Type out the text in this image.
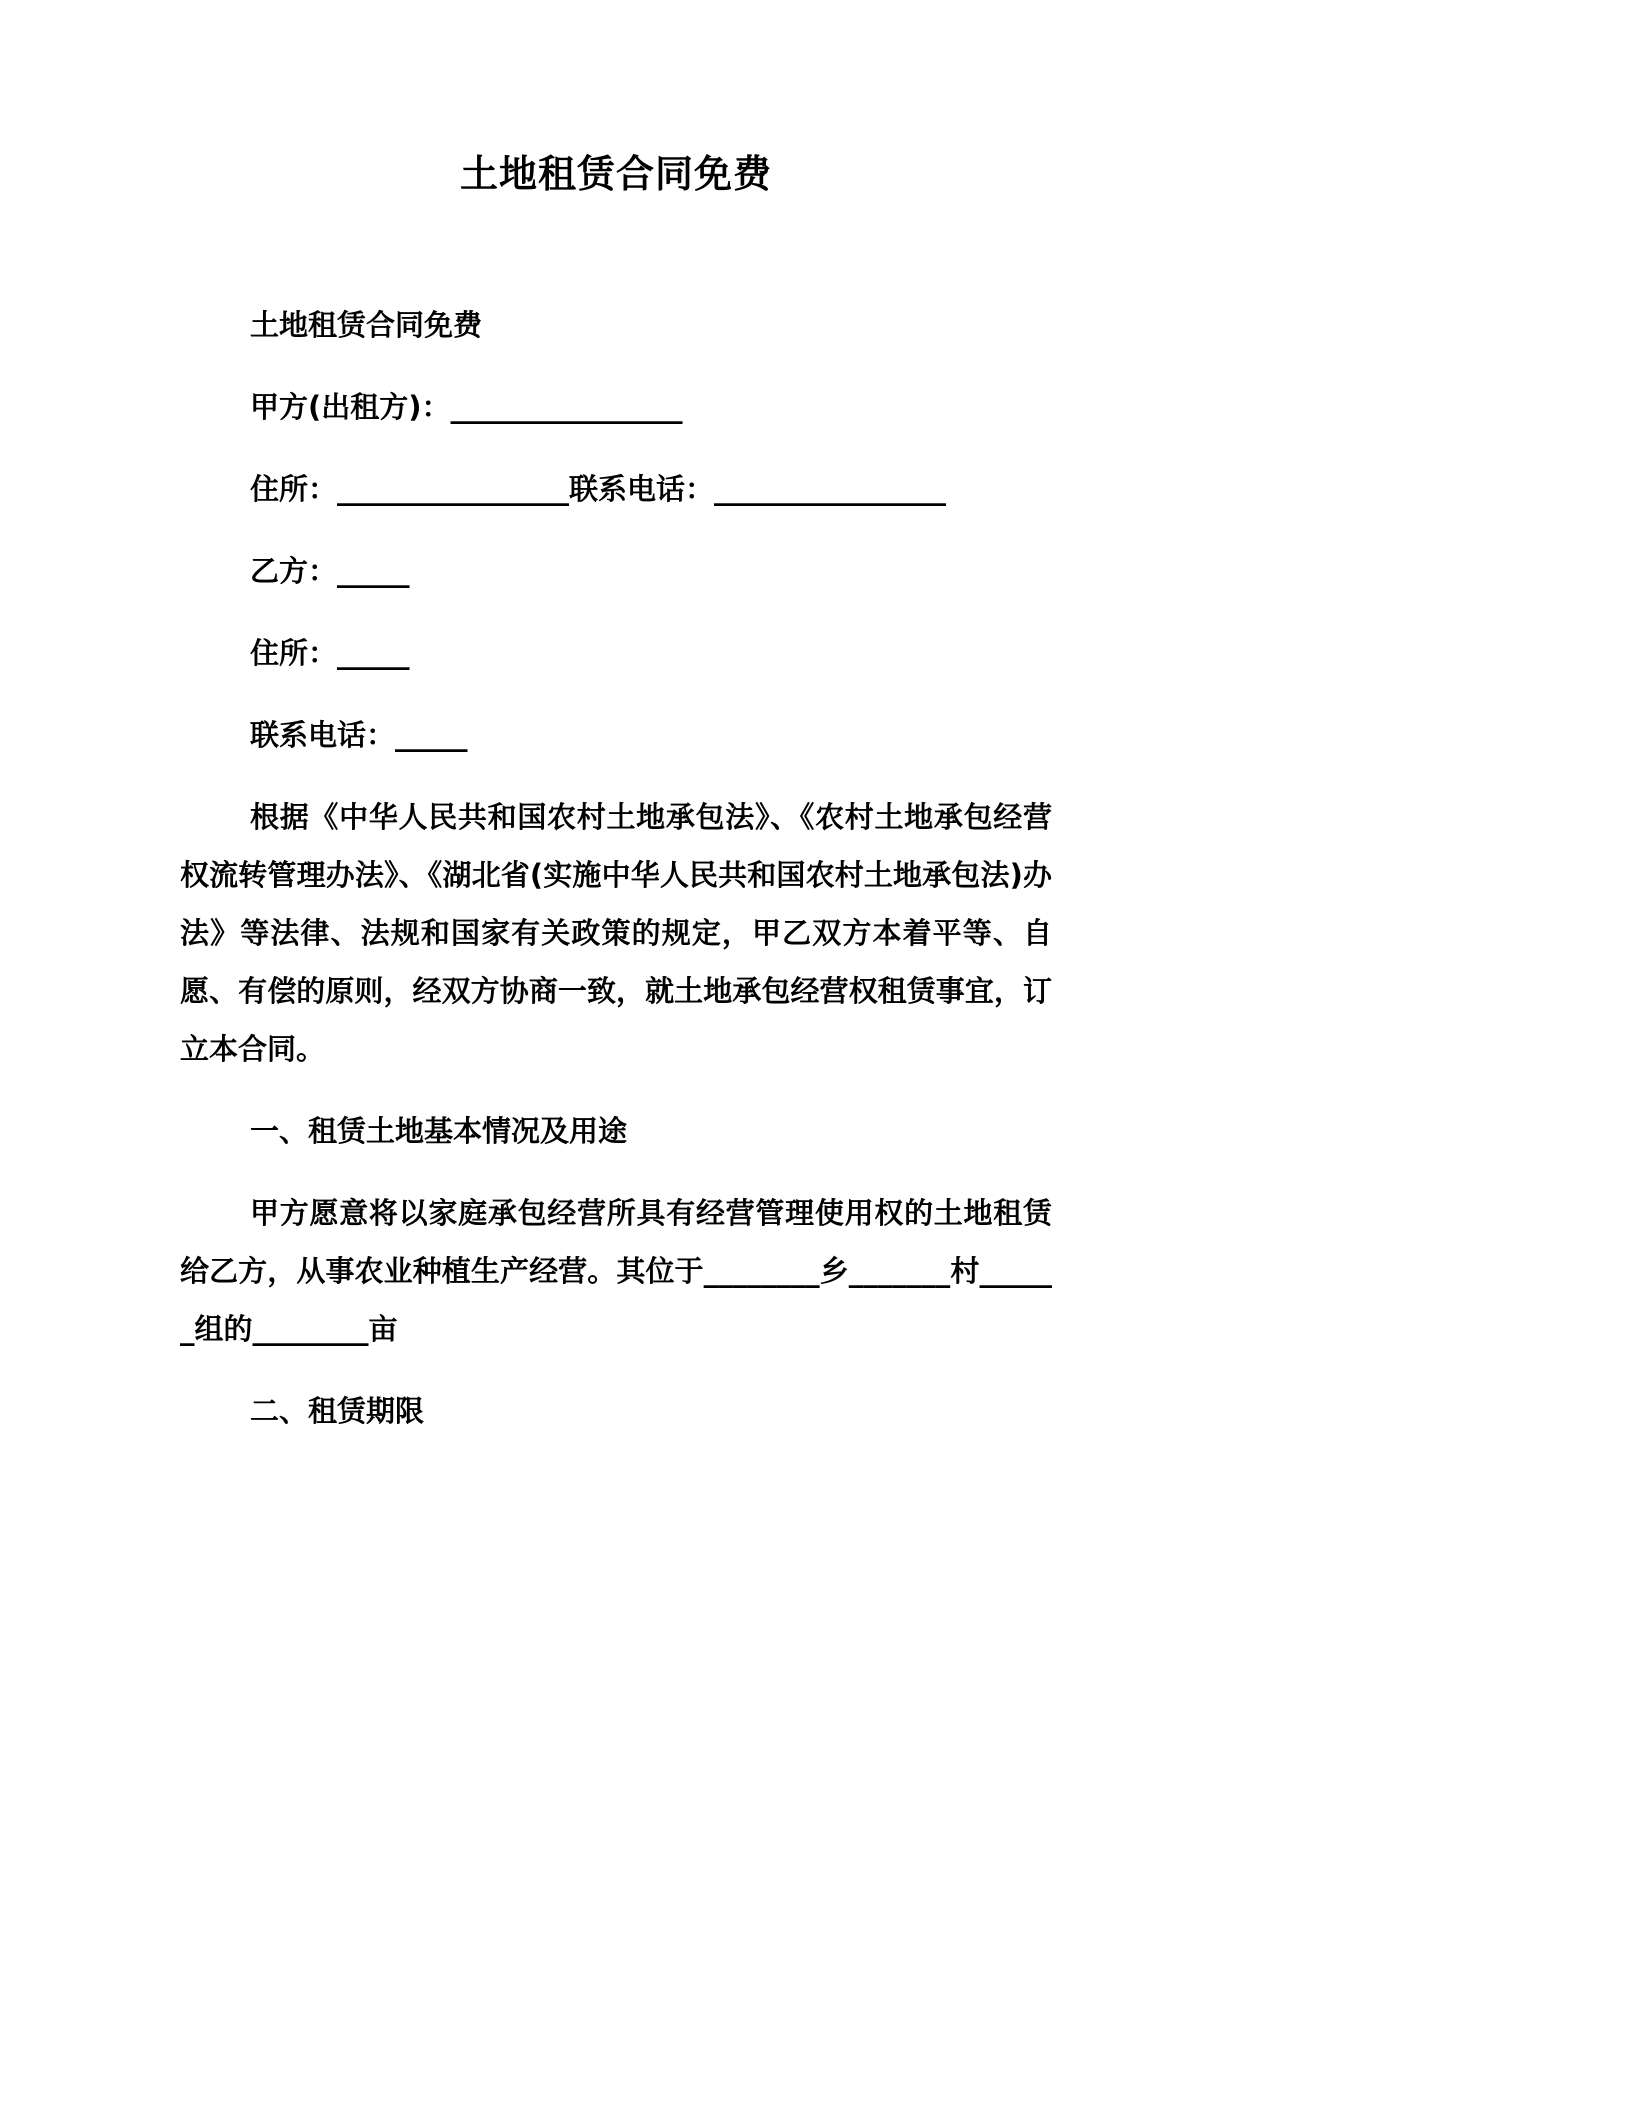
土地租赁合同免费

土地租赁合同免费

甲方(出租方)：________________

住所：________________联系电话：________________

乙方：_____

住所：_____

联系电话：_____

根据《中华人民共和国农村土地承包法》、《农村土地承包经营权流转管理办法》、《湖北省(实施中华人民共和国农村土地承包法)办法》等法律、法规和国家有关政策的规定，甲乙双方本着平等、自愿、有偿的原则，经双方协商一致，就土地承包经营权租赁事宜，订立本合同。

一、租赁土地基本情况及用途

甲方愿意将以家庭承包经营所具有经营管理使用权的土地租赁给乙方，从事农业种植生产经营。其位于________乡_______村______组的________亩

二、租赁期限
